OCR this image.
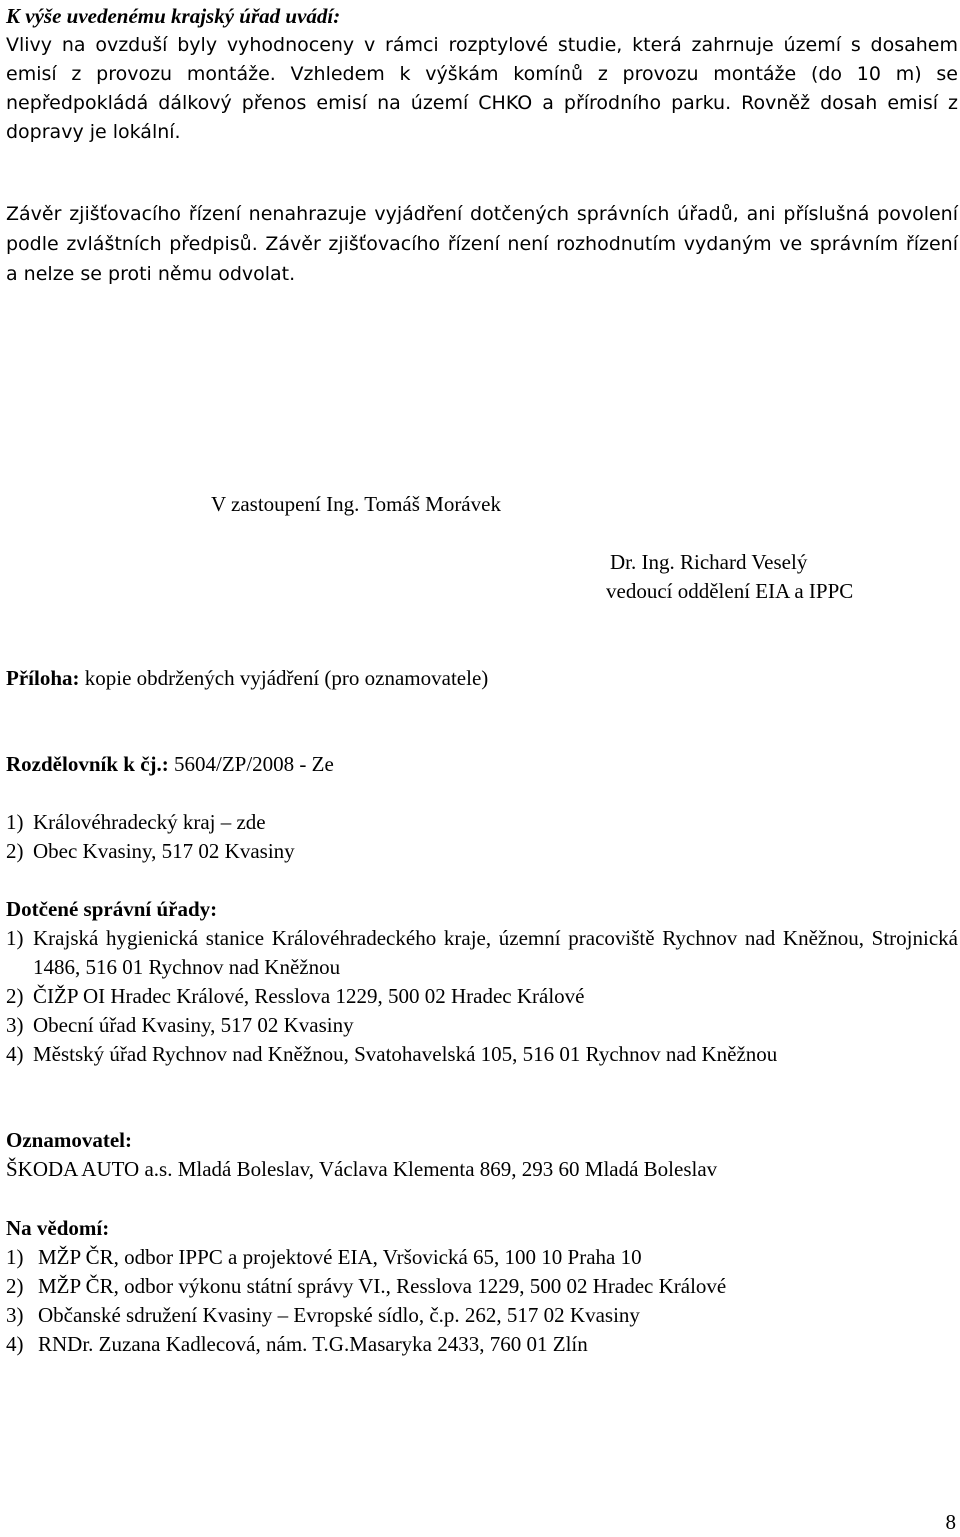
K výše uvedenému krajský úřad uvádí:

Vlivy na ovzduší byly vyhodnoceny v rámci rozptylové studie, která zahrnuje území s dosahem emisí z provozu montáže. Vzhledem k výškám komínů z provozu montáže (do 10 m) se nepředpokládá dálkový přenos emisí na území CHKO a přírodního parku. Rovněž dosah emisí z dopravy je lokální.

Závěr zjišťovacího řízení nenahrazuje vyjádření dotčených správních úřadů, ani příslušná povolení podle zvláštních předpisů. Závěr zjišťovacího řízení není rozhodnutím vydaným ve správním řízení a nelze se proti němu odvolat.

V zastoupení Ing. Tomáš Morávek

Dr. Ing. Richard Veselý

vedoucí oddělení EIA a IPPC

Příloha: kopie obdržených vyjádření (pro oznamovatele)

Rozdělovník k čj.: 5604/ZP/2008 - Ze

1) Královéhradecký kraj – zde
2) Obec Kvasiny, 517 02 Kvasiny

Dotčené správní úřady:

1) Krajská hygienická stanice Královéhradeckého kraje, územní pracoviště Rychnov nad Kněžnou, Strojnická 1486, 516 01 Rychnov nad Kněžnou
2) ČIŽP OI Hradec Králové, Resslova 1229, 500 02 Hradec Králové
3) Obecní úřad Kvasiny, 517 02 Kvasiny
4) Městský úřad Rychnov nad Kněžnou, Svatohavelská 105, 516 01 Rychnov nad Kněžnou

Oznamovatel:

ŠKODA AUTO a.s. Mladá Boleslav, Václava Klementa 869, 293 60 Mladá Boleslav

Na vědomí:

1) MŽP ČR, odbor IPPC a projektové EIA, Vršovická 65, 100 10 Praha 10
2) MŽP ČR, odbor výkonu státní správy VI., Resslova 1229, 500 02 Hradec Králové
3) Občanské sdružení Kvasiny – Evropské sídlo, č.p. 262, 517 02 Kvasiny
4) RNDr. Zuzana Kadlecová, nám. T.G.Masaryka 2433, 760 01 Zlín
8
